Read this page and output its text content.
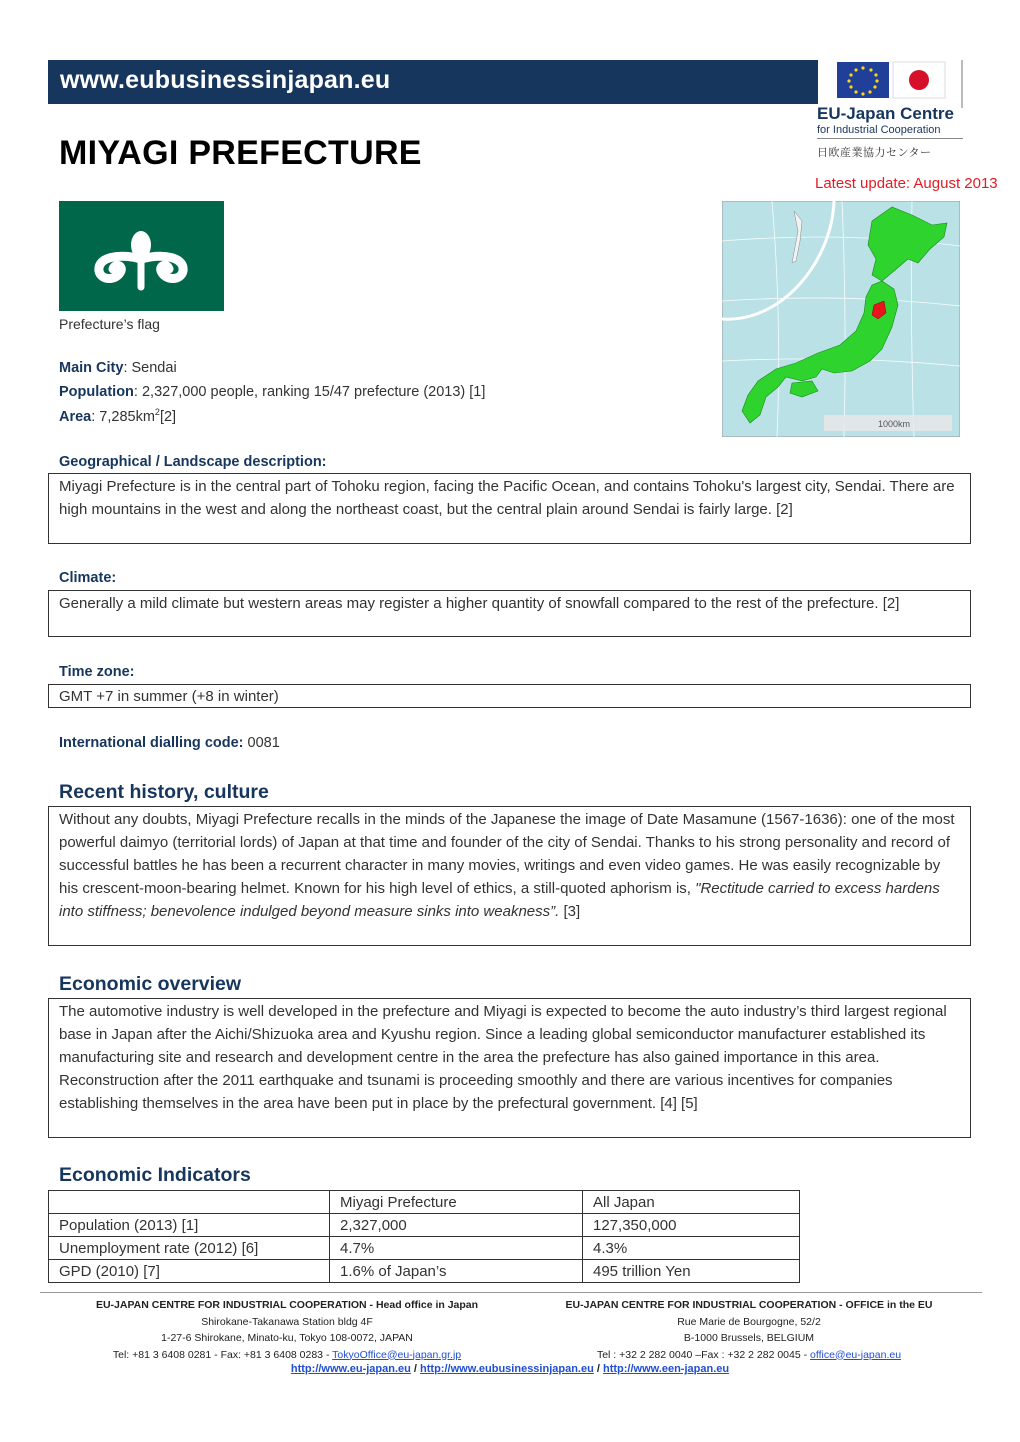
www.eubusinessinjapan.eu
EU-Japan Centre
for Industrial Cooperation
日欧産業協力センター
MIYAGI PREFECTURE
Latest update: August 2013
Prefecture’s flag
1000km
Main City: Sendai
Population: 2,327,000 people, ranking 15/47 prefecture (2013) [1]
Area: $7,285km^2[2]$
Geographical / Landscape description:
Miyagi Prefecture is in the central part of Tohoku region, facing the Pacific Ocean, and contains Tohoku's largest city, Sendai. There are high mountains in the west and along the northeast coast, but the central plain around Sendai is fairly large. [2]
Climate:
Generally a mild climate but western areas may register a higher quantity of snowfall compared to the rest of the prefecture. [2]
Time zone:
GMT +7 in summer (+8 in winter)
International dialling code: 0081
Recent history, culture
Without any doubts, Miyagi Prefecture recalls in the minds of the Japanese the image of Date Masamune (1567-1636): one of the most powerful daimyo (territorial lords) of Japan at that time and founder of the city of Sendai. Thanks to his strong personality and record of successful battles he has been a recurrent character in many movies, writings and even video games. He was easily recognizable by his crescent-moon-bearing helmet. Known for his high level of ethics, a still-quoted aphorism is, "Rectitude carried to excess hardens into stiffness; benevolence indulged beyond measure sinks into weakness”. [3]
Economic overview
The automotive industry is well developed in the prefecture and Miyagi is expected to become the auto industry’s third largest regional base in Japan after the Aichi/Shizuoka area and Kyushu region. Since a leading global semiconductor manufacturer established its manufacturing site and research and development centre in the area the prefecture has also gained importance in this area.
Reconstruction after the 2011 earthquake and tsunami is proceeding smoothly and there are various incentives for companies establishing themselves in the area have been put in place by the prefectural government. [4] [5]
Economic Indicators
	Miyagi Prefecture	All Japan
Population (2013) [1]	2,327,000	127,350,000
Unemployment rate (2012) [6]	4.7%	4.3%
GPD (2010) [7]	1.6% of Japan’s	495 trillion Yen
EU-JAPAN CENTRE FOR INDUSTRIAL COOPERATION - Head office in Japan
Shirokane-Takanawa Station bldg 4F
1-27-6 Shirokane, Minato-ku, Tokyo 108-0072, JAPAN
Tel: +81 3 6408 0281 - Fax: +81 3 6408 0283 - TokyoOffice@eu-japan.gr.jp
EU-JAPAN CENTRE FOR INDUSTRIAL COOPERATION - OFFICE in the EU
Rue Marie de Bourgogne, 52/2
B-1000 Brussels, BELGIUM
Tel : +32 2 282 0040 –Fax : +32 2 282 0045 - office@eu-japan.eu
http://www.eu-japan.eu / http://www.eubusinessinjapan.eu / http://www.een-japan.eu
